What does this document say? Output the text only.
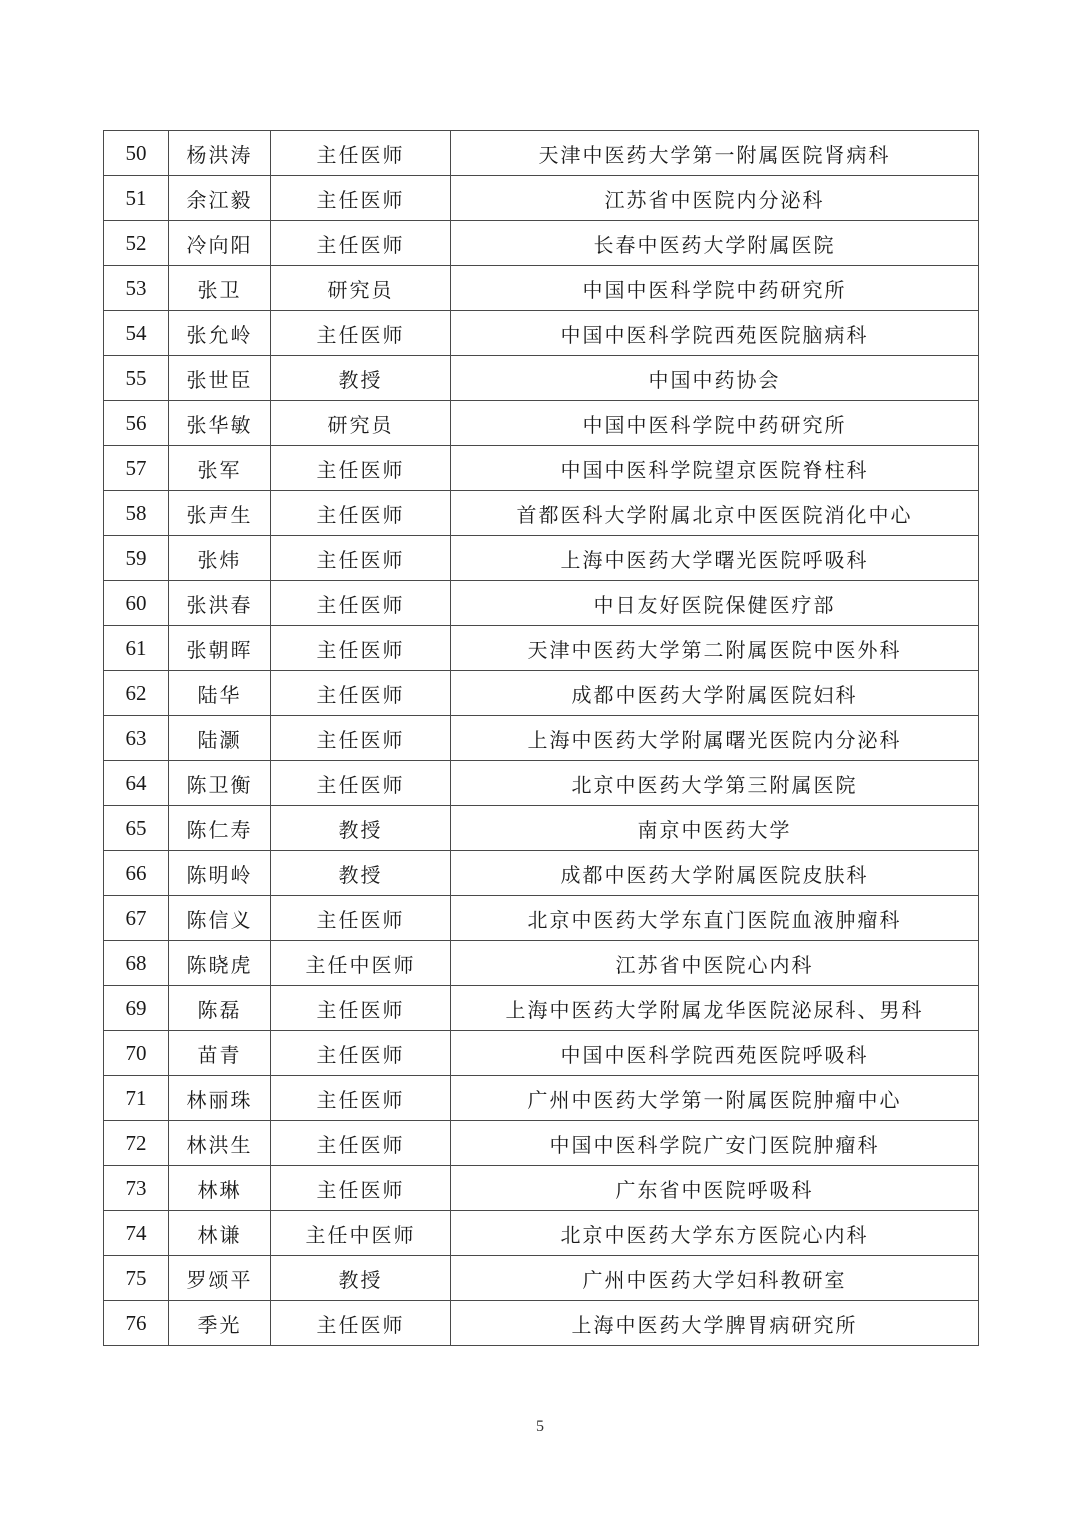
50	杨洪涛	主任医师	天津中医药大学第一附属医院肾病科
51	余江毅	主任医师	江苏省中医院内分泌科
52	冷向阳	主任医师	长春中医药大学附属医院
53	张卫	研究员	中国中医科学院中药研究所
54	张允岭	主任医师	中国中医科学院西苑医院脑病科
55	张世臣	教授	中国中药协会
56	张华敏	研究员	中国中医科学院中药研究所
57	张军	主任医师	中国中医科学院望京医院脊柱科
58	张声生	主任医师	首都医科大学附属北京中医医院消化中心
59	张炜	主任医师	上海中医药大学曙光医院呼吸科
60	张洪春	主任医师	中日友好医院保健医疗部
61	张朝晖	主任医师	天津中医药大学第二附属医院中医外科
62	陆华	主任医师	成都中医药大学附属医院妇科
63	陆灏	主任医师	上海中医药大学附属曙光医院内分泌科
64	陈卫衡	主任医师	北京中医药大学第三附属医院
65	陈仁寿	教授	南京中医药大学
66	陈明岭	教授	成都中医药大学附属医院皮肤科
67	陈信义	主任医师	北京中医药大学东直门医院血液肿瘤科
68	陈晓虎	主任中医师	江苏省中医院心内科
69	陈磊	主任医师	上海中医药大学附属龙华医院泌尿科、男科
70	苗青	主任医师	中国中医科学院西苑医院呼吸科
71	林丽珠	主任医师	广州中医药大学第一附属医院肿瘤中心
72	林洪生	主任医师	中国中医科学院广安门医院肿瘤科
73	林琳	主任医师	广东省中医院呼吸科
74	林谦	主任中医师	北京中医药大学东方医院心内科
75	罗颂平	教授	广州中医药大学妇科教研室
76	季光	主任医师	上海中医药大学脾胃病研究所
5
